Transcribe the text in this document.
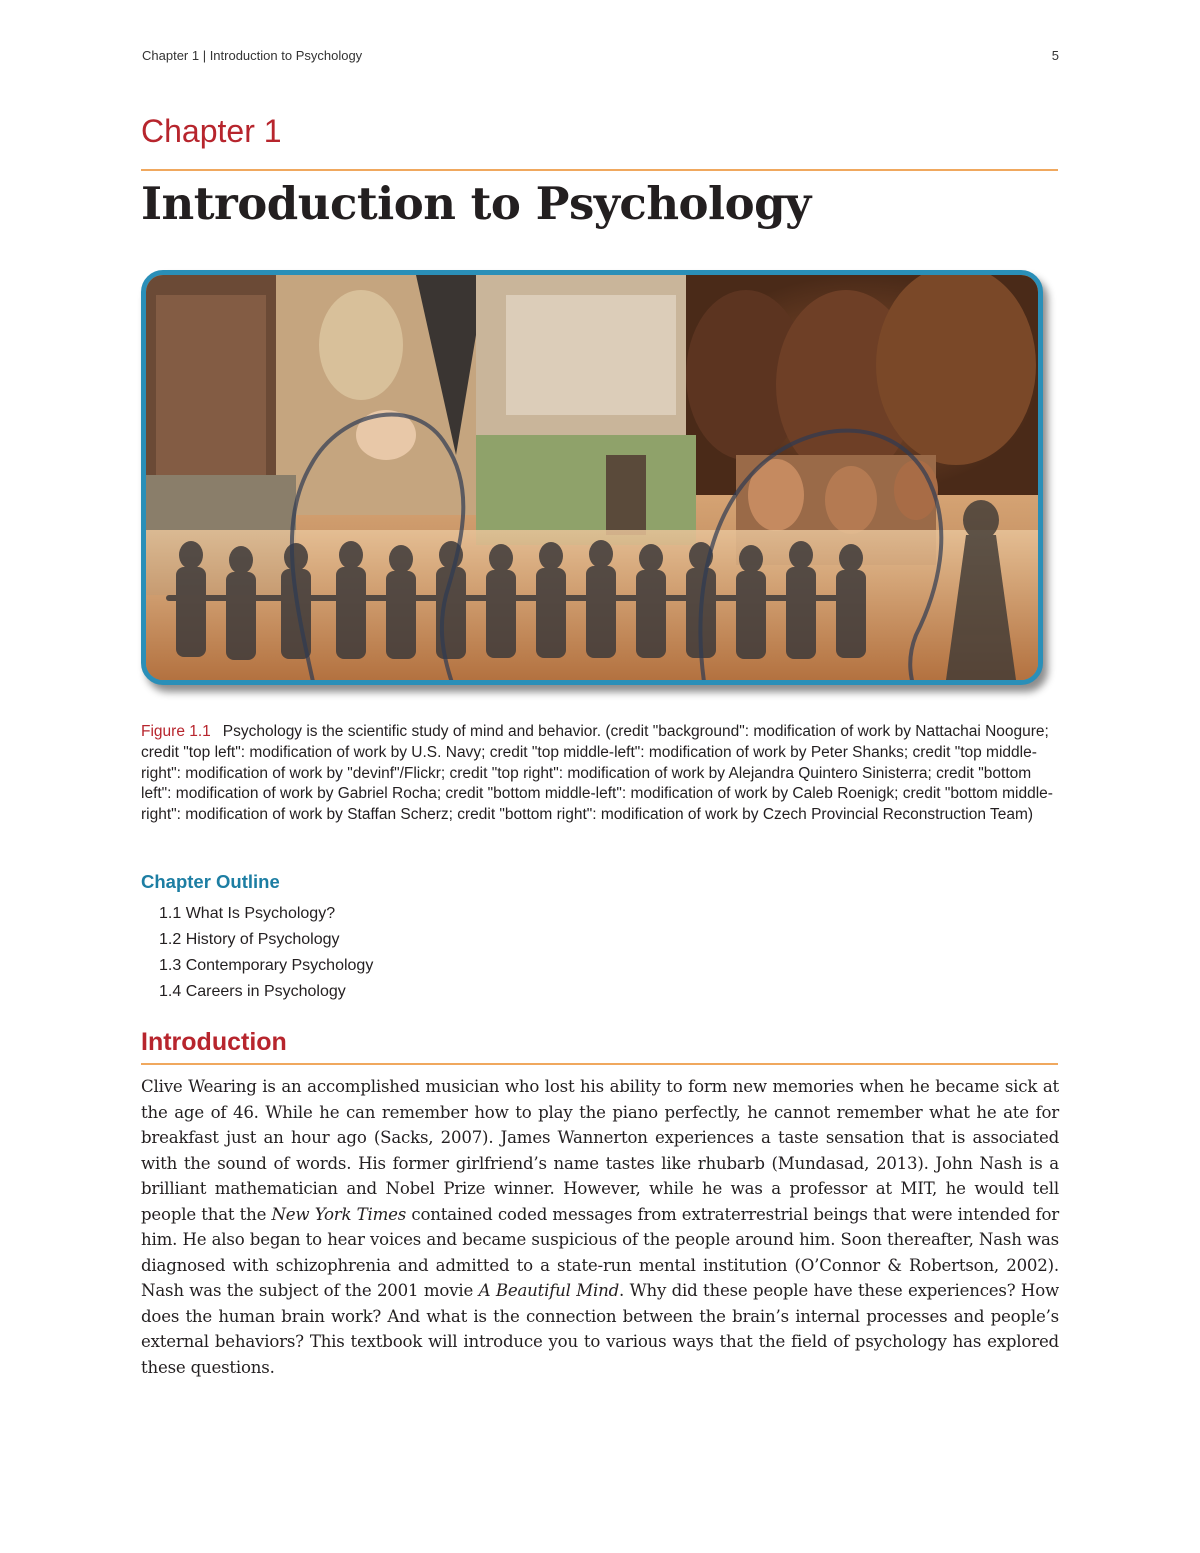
Chapter 1 | Introduction to Psychology	5
Chapter 1
Introduction to Psychology

Figure 1.1 Psychology is the scientific study of mind and behavior. (credit "background": modification of work by Nattachai Noogure; credit "top left": modification of work by U.S. Navy; credit "top middle-left": modification of work by Peter Shanks; credit "top middle-right": modification of work by "devinf"/Flickr; credit "top right": modification of work by Alejandra Quintero Sinisterra; credit "bottom left": modification of work by Gabriel Rocha; credit "bottom middle-left": modification of work by Caleb Roenigk; credit "bottom middle-right": modification of work by Staffan Scherz; credit "bottom right": modification of work by Czech Provincial Reconstruction Team)

Chapter Outline
1.1 What Is Psychology?
1.2 History of Psychology
1.3 Contemporary Psychology
1.4 Careers in Psychology
Introduction

Clive Wearing is an accomplished musician who lost his ability to form new memories when he became sick at the age of 46. While he can remember how to play the piano perfectly, he cannot remember what he ate for breakfast just an hour ago (Sacks, 2007). James Wannerton experiences a taste sensation that is associated with the sound of words. His former girlfriend’s name tastes like rhubarb (Mundasad, 2013). John Nash is a brilliant mathematician and Nobel Prize winner. However, while he was a professor at MIT, he would tell people that the New York Times contained coded messages from extraterrestrial beings that were intended for him. He also began to hear voices and became suspicious of the people around him. Soon thereafter, Nash was diagnosed with schizophrenia and admitted to a state-run mental institution (O’Connor & Robertson, 2002). Nash was the subject of the 2001 movie A Beautiful Mind. Why did these people have these experiences? How does the human brain work? And what is the connection between the brain’s internal processes and people’s external behaviors? This textbook will introduce you to various ways that the field of psychology has explored these questions.
